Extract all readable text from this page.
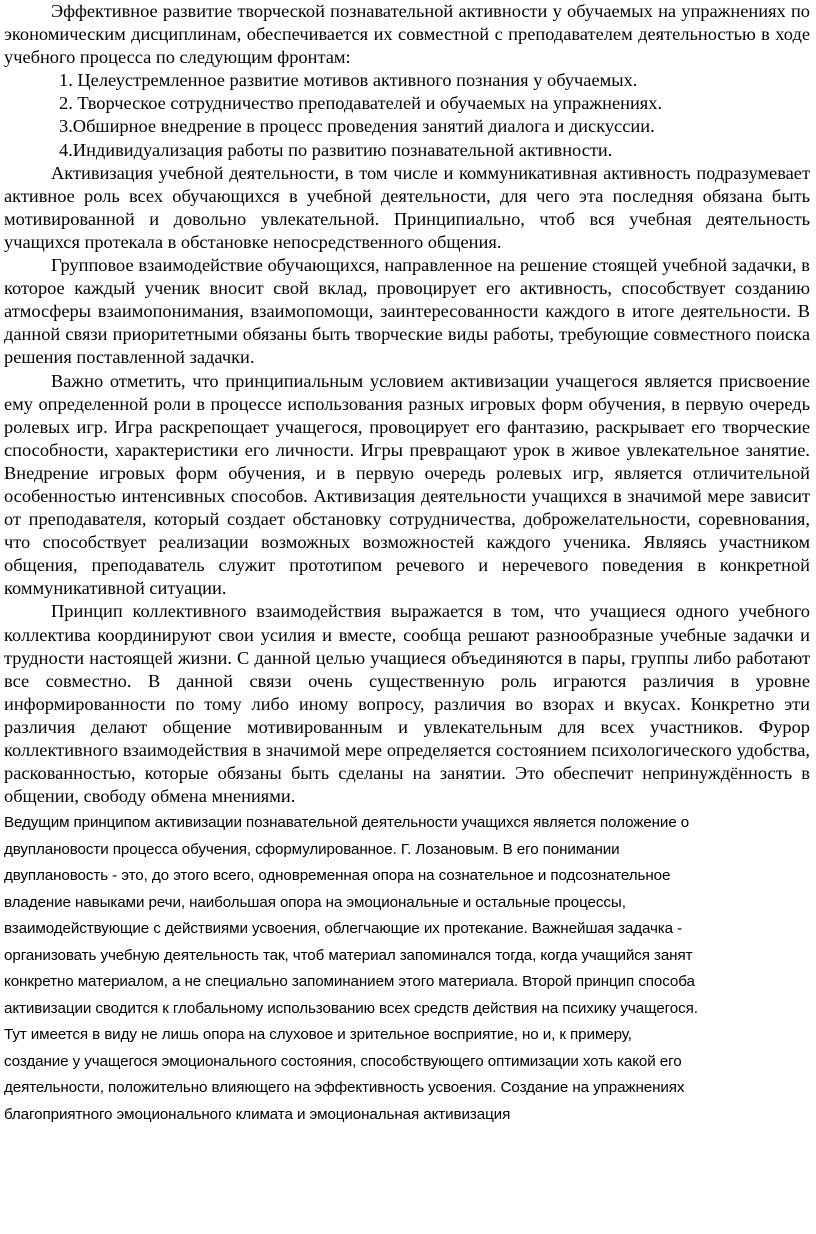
Эффективное развитие творческой познавательной активности у обучаемых на упражнениях по экономическим дисциплинам, обеспечивается их совместной с преподавателем деятельностью в ходе учебного процесса по следующим фронтам:

1. Целеустремленное развитие мотивов активного познания у обучаемых.

2. Творческое сотрудничество преподавателей и обучаемых на упражнениях.

3.Обширное внедрение в процесс проведения занятий диалога и дискуссии.

4.Индивидуализация работы по развитию познавательной активности.

Активизация учебной деятельности, в том числе и коммуникативная активность подразумевает активное роль всех обучающихся в учебной деятельности, для чего эта последняя обязана быть мотивированной и довольно увлекательной. Принципиально, чтоб вся учебная деятельность учащихся протекала в обстановке непосредственного общения.

Групповое взаимодействие обучающихся, направленное на решение стоящей учебной задачки, в которое каждый ученик вносит свой вклад, провоцирует его активность, способствует созданию атмосферы взаимопонимания, взаимопомощи, заинтересованности каждого в итоге деятельности. В данной связи приоритетными обязаны быть творческие виды работы, требующие совместного поиска решения поставленной задачки.

Важно отметить, что принципиальным условием активизации учащегося является присвоение ему определенной роли в процессе использования разных игровых форм обучения, в первую очередь ролевых игр. Игра раскрепощает учащегося, провоцирует его фантазию, раскрывает его творческие способности, характеристики его личности. Игры превращают урок в живое увлекательное занятие. Внедрение игровых форм обучения, и в первую очередь ролевых игр, является отличительной особенностью интенсивных способов. Активизация деятельности учащихся в значимой мере зависит от преподавателя, который создает обстановку сотрудничества, доброжелательности, соревнования, что способствует реализации возможных возможностей каждого ученика. Являясь участником общения, преподаватель служит прототипом речевого и неречевого поведения в конкретной коммуникативной ситуации.

Принцип коллективного взаимодействия выражается в том, что учащиеся одного учебного коллектива координируют свои усилия и вместе, сообща решают разнообразные учебные задачки и трудности настоящей жизни. С данной целью учащиеся объединяются в пары, группы либо работают все совместно. В данной связи очень существенную роль играются различия в уровне информированности по тому либо иному вопросу, различия во взорах и вкусах. Конкретно эти различия делают общение мотивированным и увлекательным для всех участников. Фурор коллективного взаимодействия в значимой мере определяется состоянием психологического удобства, раскованностью, которые обязаны быть сделаны на занятии. Это обеспечит непринуждённость в общении, свободу обмена мнениями.

Ведущим принципом активизации познавательной деятельности учащихся является положение о

двуплановости процесса обучения, сформулированное. Г. Лозановым. В его понимании

двуплановость - это, до этого всего, одновременная опора на сознательное и подсознательное

владение навыками речи, наибольшая опора на эмоциональные и остальные процессы,

взаимодействующие с действиями усвоения, облегчающие их протекание. Важнейшая задачка -

организовать учебную деятельность так, чтоб материал запоминался тогда, когда учащийся занят

конкретно материалом, а не специально запоминанием этого материала. Второй принцип способа

активизации сводится к глобальному использованию всех средств действия на психику учащегося.

Тут имеется в виду не лишь опора на слуховое и зрительное восприятие, но и, к примеру,

создание у учащегося эмоционального состояния, способствующего оптимизации хоть какой его

деятельности, положительно влияющего на эффективность усвоения. Создание на упражнениях

благоприятного эмоционального климата и эмоциональная активизация
